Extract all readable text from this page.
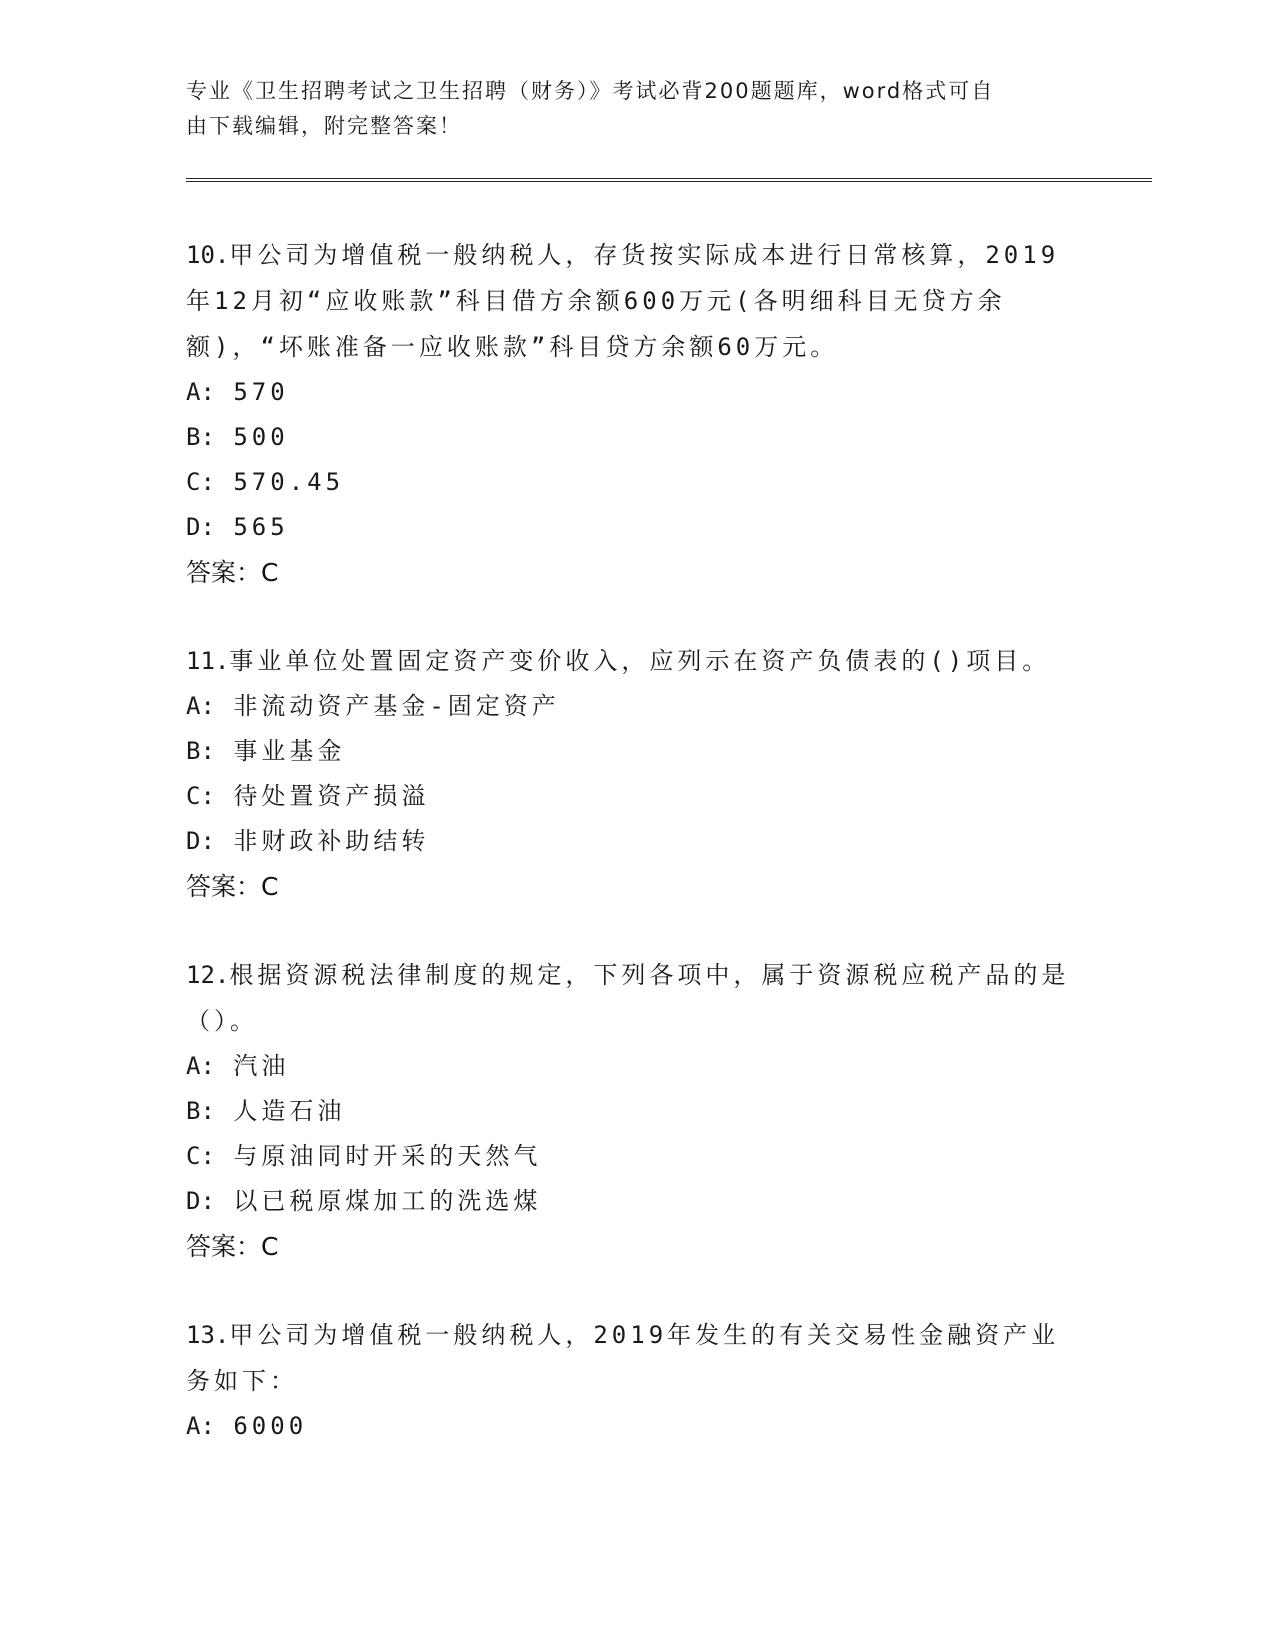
专业《卫生招聘考试之卫生招聘（财务）》考试必背200题题库，word格式可自
由下载编辑，附完整答案！

10.甲公司为增值税一般纳税人，存货按实际成本进行日常核算，2019年12月初“应收账款”科目借方余额600万元(各明细科目无贷方余额)，“坏账准备一应收账款”科目贷方余额60万元。

A: 570

B: 500

C: 570.45

D: 565

答案：C

11.事业单位处置固定资产变价收入，应列示在资产负债表的()项目。

A: 非流动资产基金-固定资产

B: 事业基金

C: 待处置资产损溢

D: 非财政补助结转

答案：C

12.根据资源税法律制度的规定，下列各项中，属于资源税应税产品的是（）。

A: 汽油

B: 人造石油

C: 与原油同时开采的天然气

D: 以已税原煤加工的洗选煤

答案：C

13.甲公司为增值税一般纳税人，2019年发生的有关交易性金融资产业务如下：

A: 6000
